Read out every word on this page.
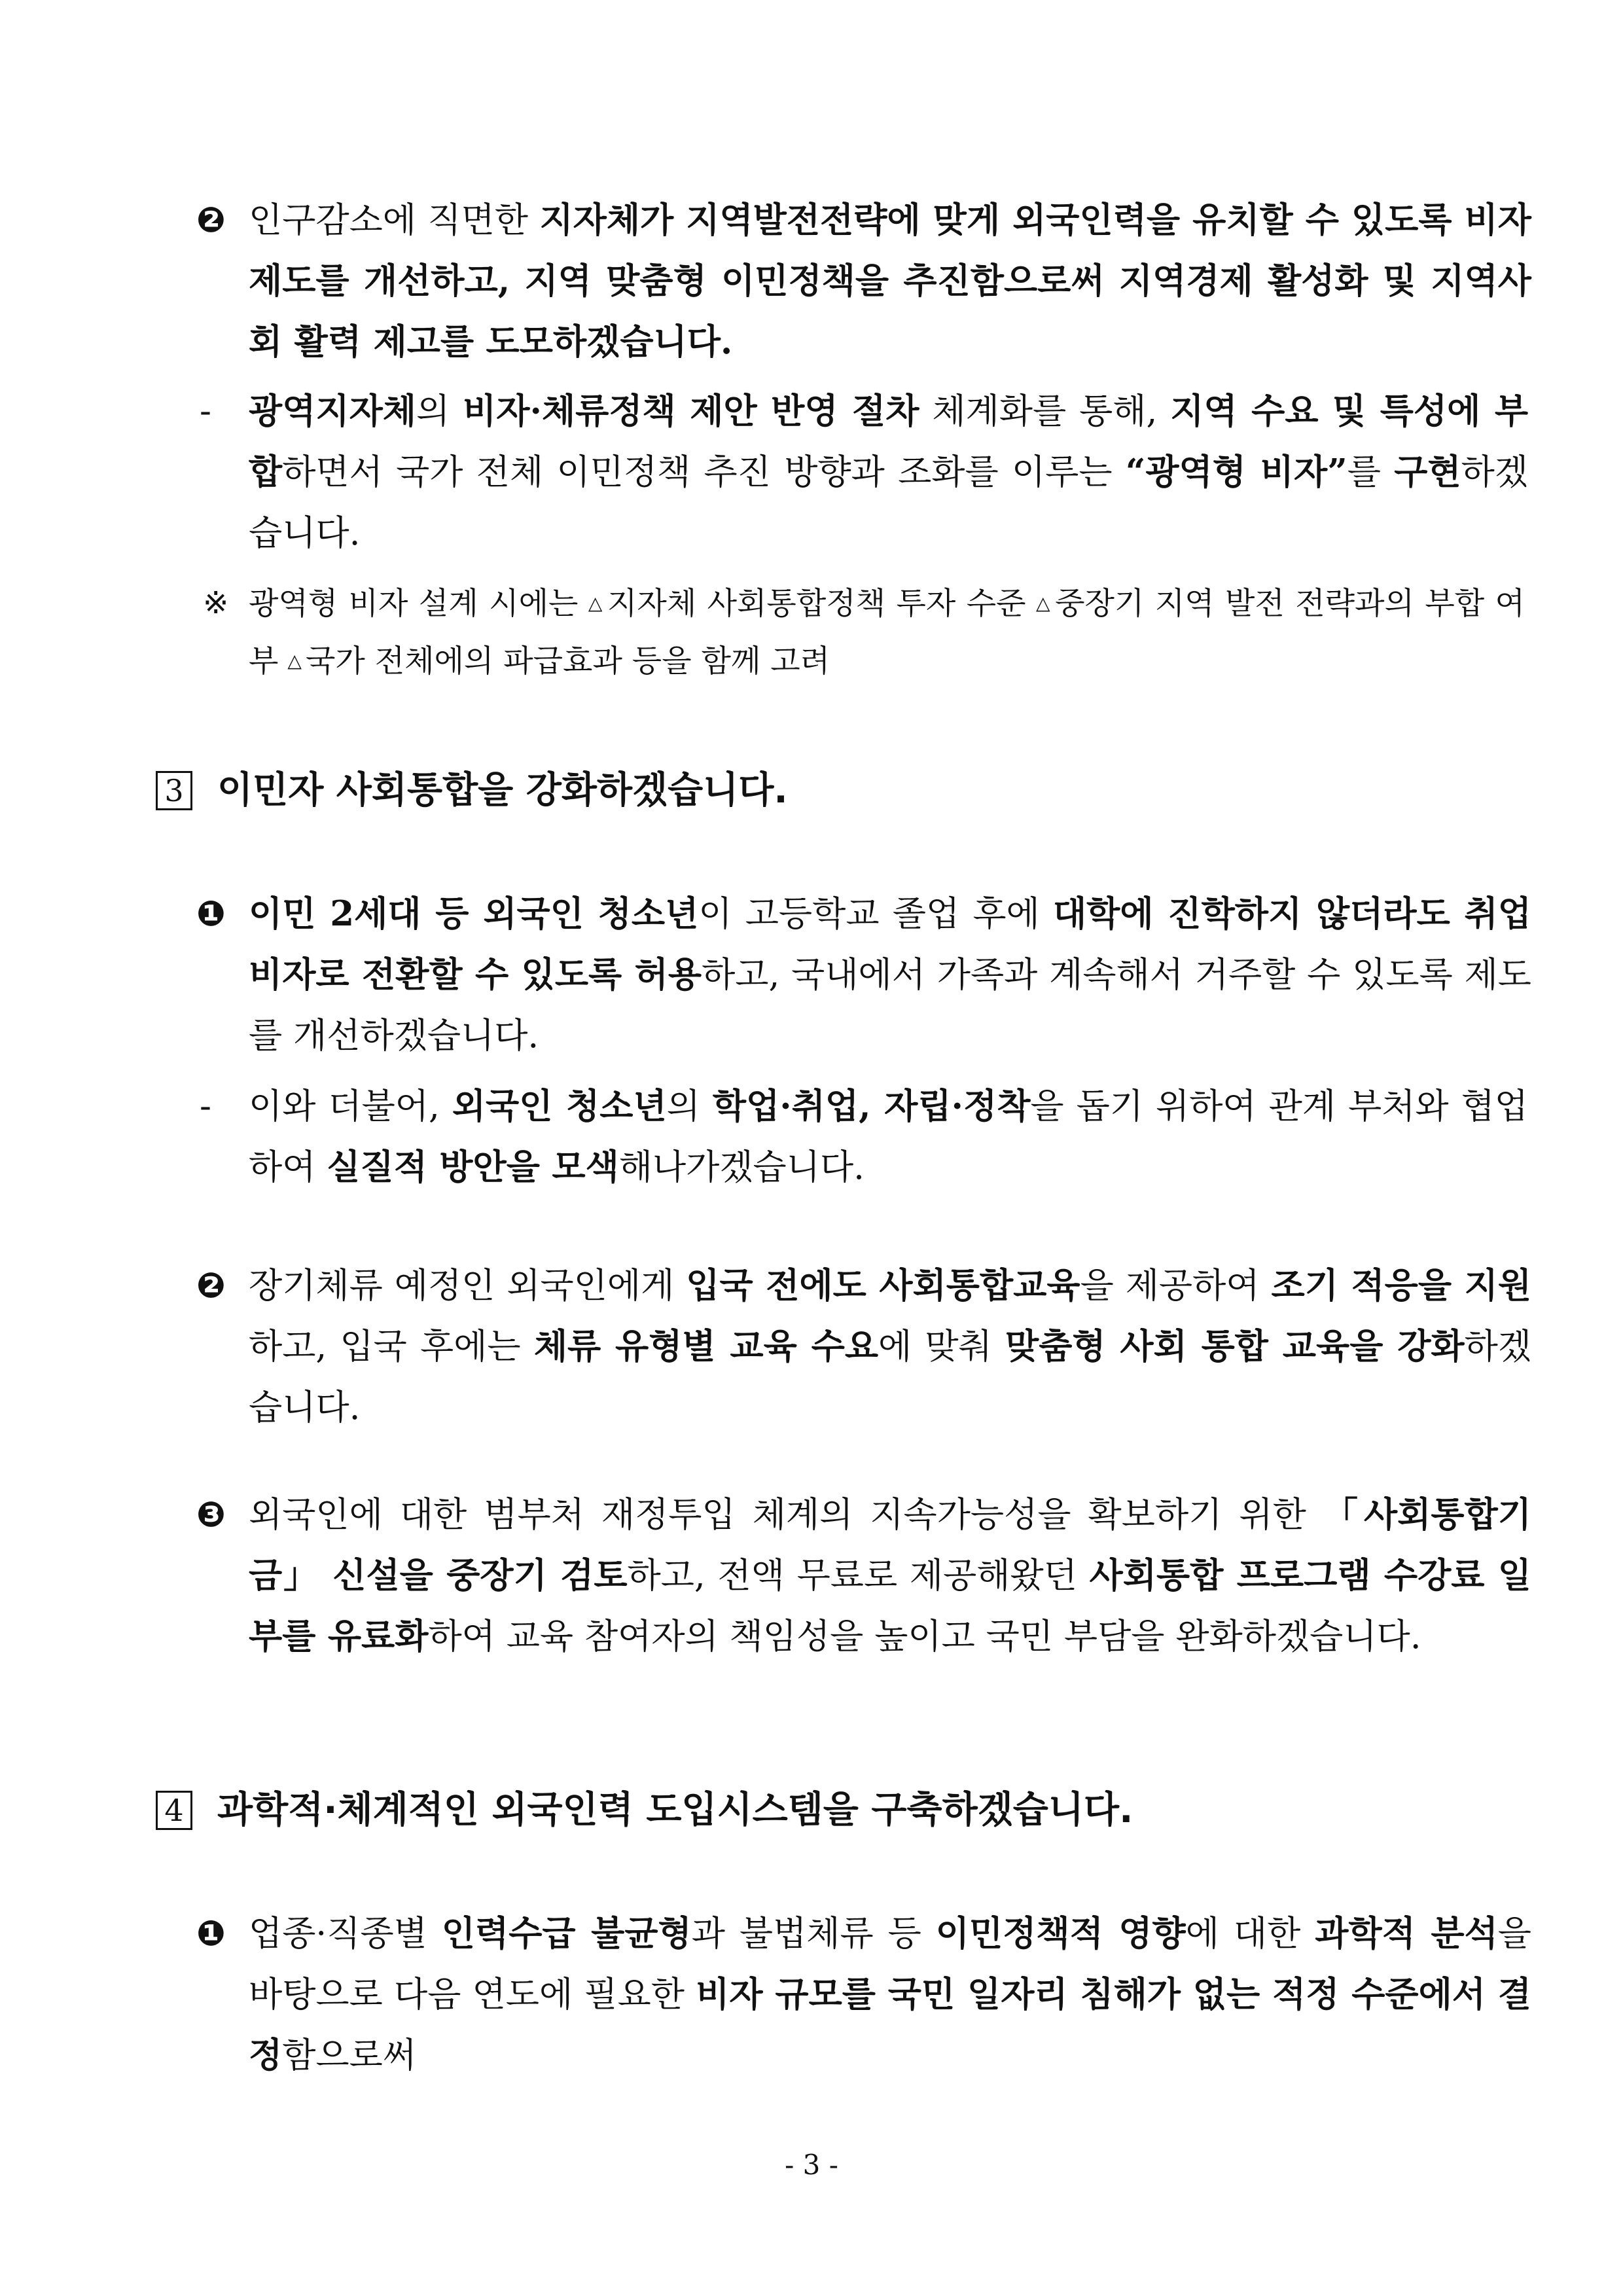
❷ 인구감소에 직면한 지자체가 지역발전전략에 맞게 외국인력을 유치할 수 있도록 비자 제도를 개선하고, 지역 맞춤형 이민정책을 추진함으로써 지역경제 활성화 및 지역사회 활력 제고를 도모하겠습니다.
-	광역지자체의 비자·체류정책 제안 반영 절차 체계화를 통해, 지역 수요 및 특성에 부합하면서 국가 전체 이민정책 추진 방향과 조화를 이루는 “광역형 비자”를 구현하겠습니다.
※ 광역형 비자 설계 시에는 △ 지자체 사회통합정책 투자 수준 △ 중장기 지역 발전 전략과의 부합 여부 △ 국가 전체에의 파급효과 등을 함께 고려
3 이민자 사회통합을 강화하겠습니다.
❶ 이민 2세대 등 외국인 청소년이 고등학교 졸업 후에 대학에 진학하지 않더라도 취업비자로 전환할 수 있도록 허용하고, 국내에서 가족과 계속해서 거주할 수 있도록 제도를 개선하겠습니다.
-	이와 더불어, 외국인 청소년의 학업·취업, 자립·정착을 돕기 위하여 관계 부처와 협업하여 실질적 방안을 모색해나가겠습니다.
❷ 장기체류 예정인 외국인에게 입국 전에도 사회통합교육을 제공하여 조기 적응을 지원하고, 입국 후에는 체류 유형별 교육 수요에 맞춰 맞춤형 사회 통합 교육을 강화하겠습니다.
❸ 외국인에 대한 범부처 재정투입 체계의 지속가능성을 확보하기 위한 「사회통합기금」 신설을 중장기 검토하고, 전액 무료로 제공해왔던 사회통합 프로그램 수강료 일부를 유료화하여 교육 참여자의 책임성을 높이고 국민 부담을 완화하겠습니다.
4 과학적·체계적인 외국인력 도입시스템을 구축하겠습니다.
❶ 업종·직종별 인력수급 불균형과 불법체류 등 이민정책적 영향에 대한 과학적 분석을 바탕으로 다음 연도에 필요한 비자 규모를 국민 일자리 침해가 없는 적정 수준에서 결정함으로써
- 3 -
